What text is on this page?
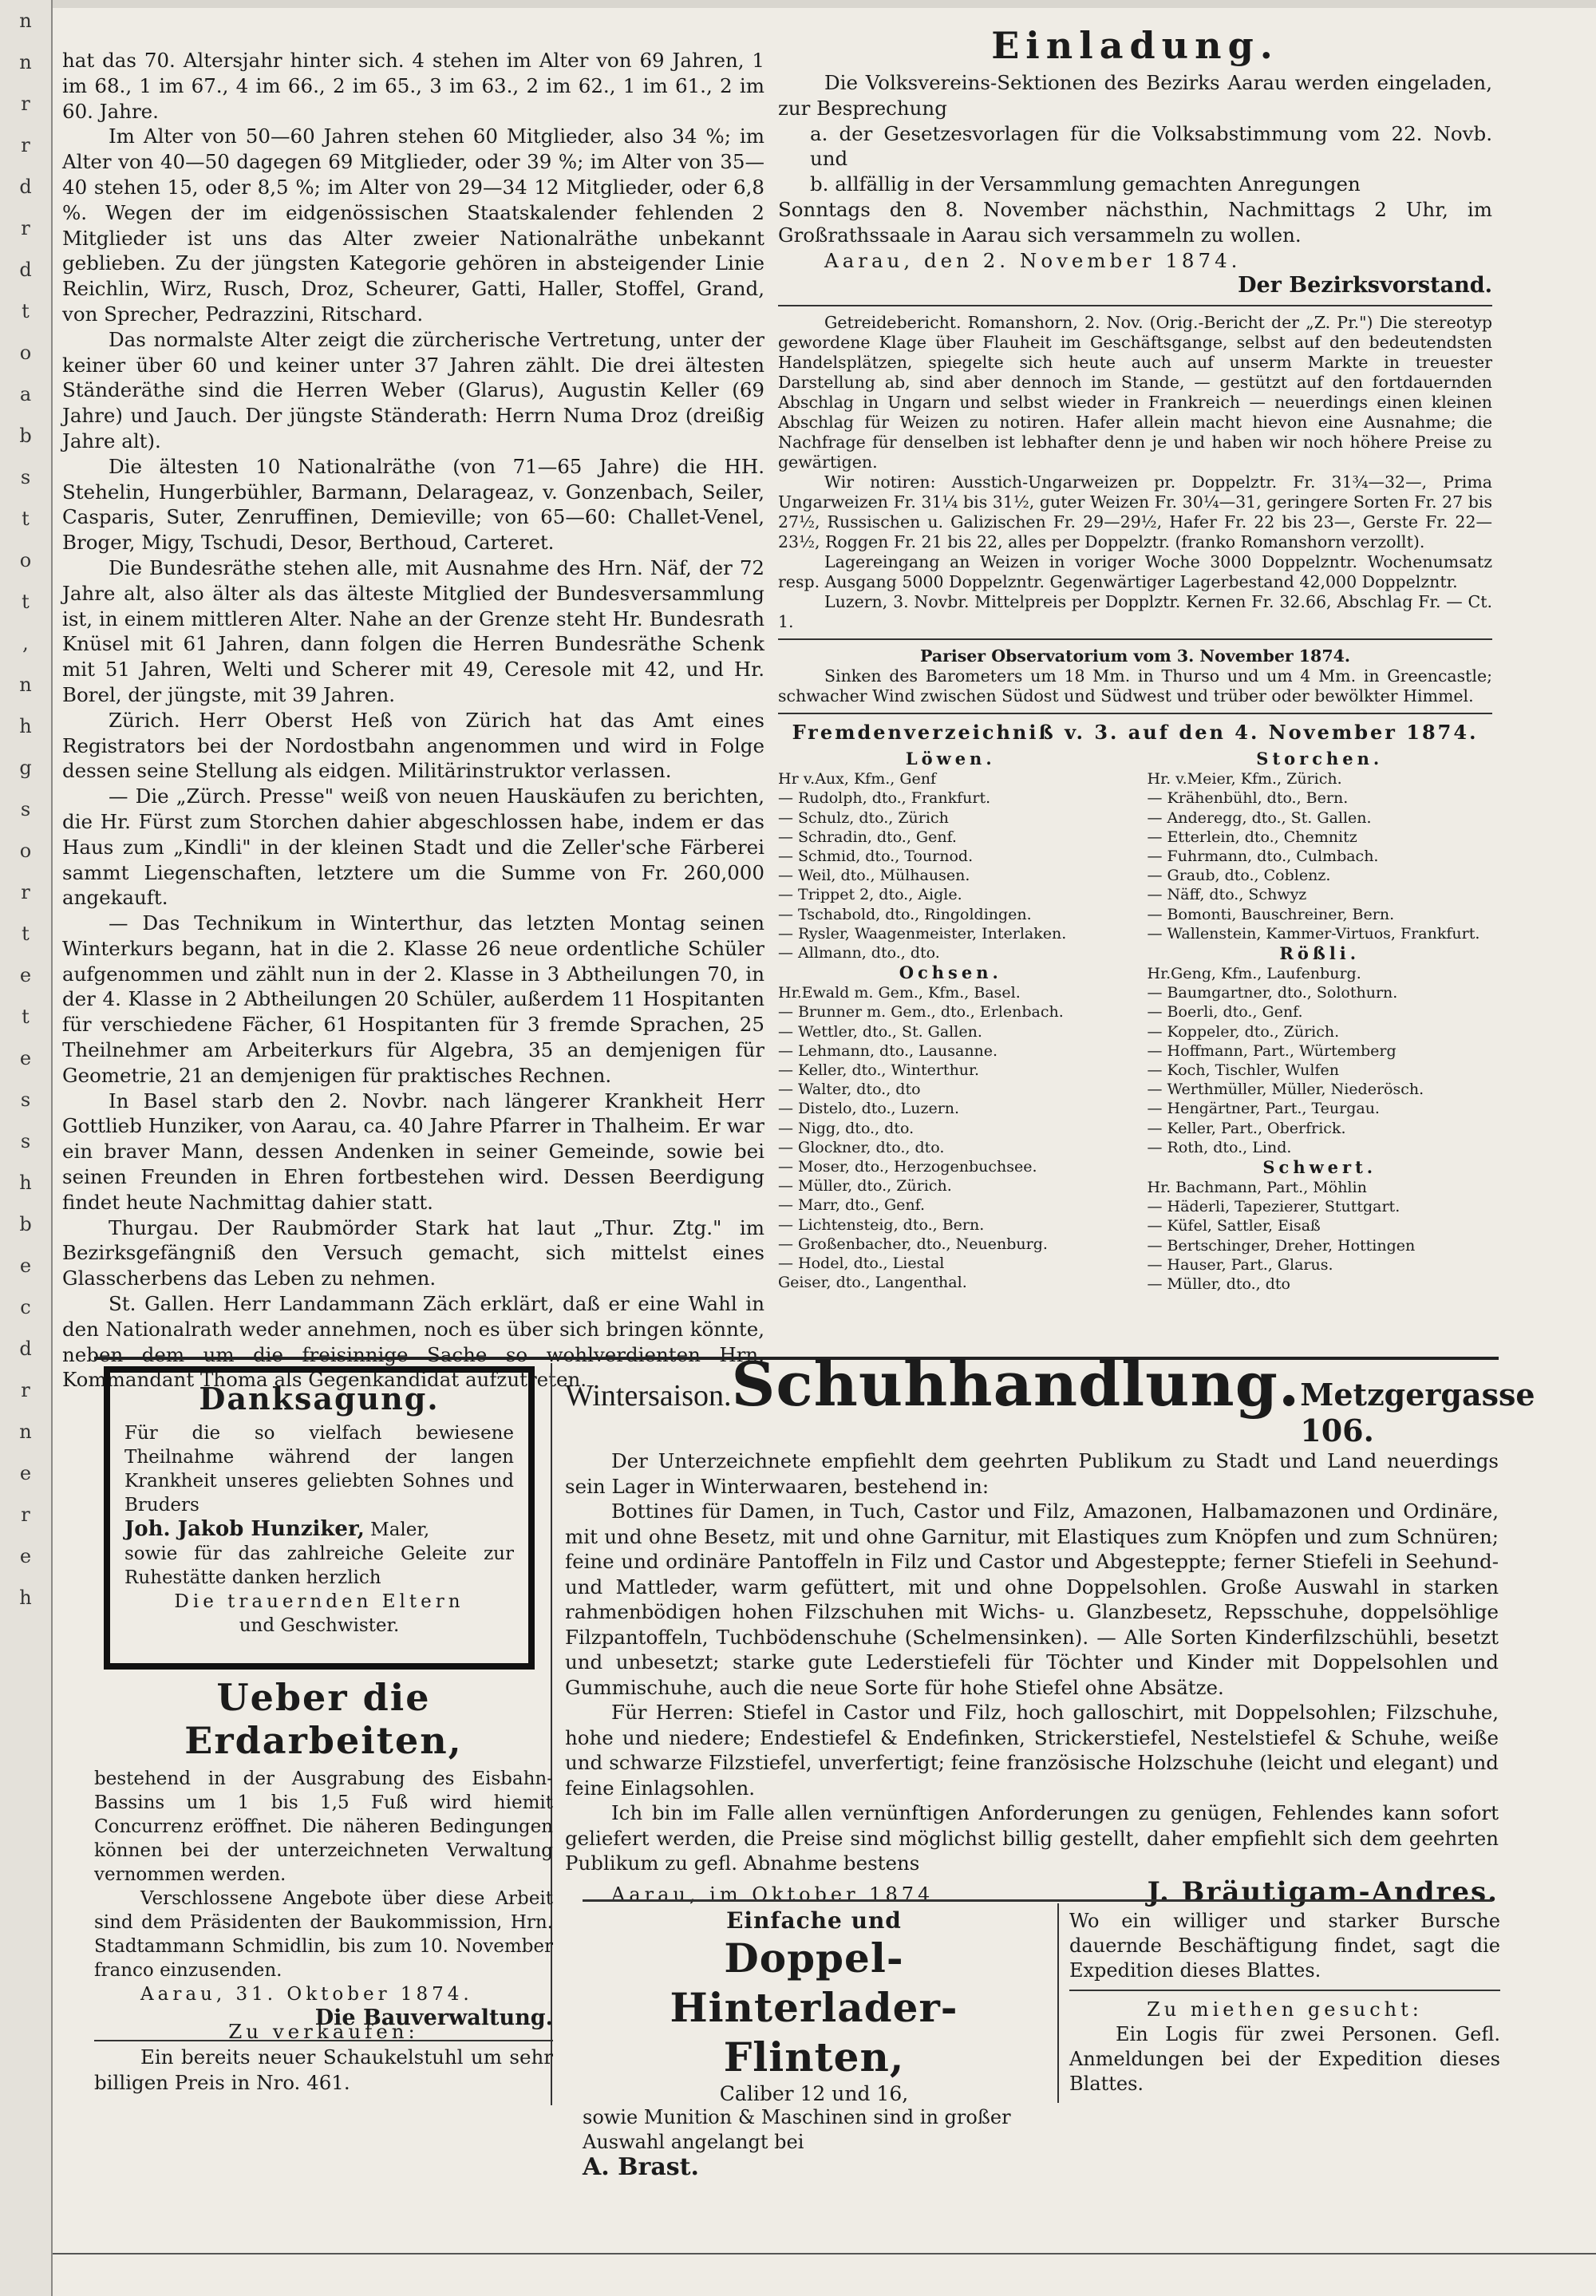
n
n
r
r
d
r
d
t
o
a
b
s
t
o
t
,
n
h
g
s
o
r
t
e
t
e
s
s
h
b
e
c
d
r
n
e
r
e
h

hat das 70. Altersjahr hinter sich. 4 stehen im Alter von 69 Jahren, 1 im 68., 1 im 67., 4 im 66., 2 im 65., 3 im 63., 2 im 62., 1 im 61., 2 im 60. Jahre.

Im Alter von 50—60 Jahren stehen 60 Mitglieder, also 34 %; im Alter von 40—50 dagegen 69 Mitglieder, oder 39 %; im Alter von 35—40 stehen 15, oder 8,5 %; im Alter von 29—34 12 Mitglieder, oder 6,8 %. Wegen der im eidgenössischen Staatskalender fehlenden 2 Mitglieder ist uns das Alter zweier Nationalräthe unbekannt geblieben. Zu der jüngsten Kategorie gehören in absteigender Linie Reichlin, Wirz, Rusch, Droz, Scheurer, Gatti, Haller, Stoffel, Grand, von Sprecher, Pedrazzini, Ritschard.

Das normalste Alter zeigt die zürcherische Vertretung, unter der keiner über 60 und keiner unter 37 Jahren zählt. Die drei ältesten Ständeräthe sind die Herren Weber (Glarus), Augustin Keller (69 Jahre) und Jauch. Der jüngste Ständerath: Herrn Numa Droz (dreißig Jahre alt).

Die ältesten 10 Nationalräthe (von 71—65 Jahre) die HH. Stehelin, Hungerbühler, Barmann, Delarageaz, v. Gonzenbach, Seiler, Casparis, Suter, Zenruffinen, Demieville; von 65—60: Challet-Venel, Broger, Migy, Tschudi, Desor, Berthoud, Carteret.

Die Bundesräthe stehen alle, mit Ausnahme des Hrn. Näf, der 72 Jahre alt, also älter als das älteste Mitglied der Bundesversammlung ist, in einem mittleren Alter. Nahe an der Grenze steht Hr. Bundesrath Knüsel mit 61 Jahren, dann folgen die Herren Bundesräthe Schenk mit 51 Jahren, Welti und Scherer mit 49, Ceresole mit 42, und Hr. Borel, der jüngste, mit 39 Jahren.

Zürich. Herr Oberst Heß von Zürich hat das Amt eines Registrators bei der Nordostbahn angenommen und wird in Folge dessen seine Stellung als eidgen. Militärinstruktor verlassen.

— Die „Zürch. Presse" weiß von neuen Hauskäufen zu berichten, die Hr. Fürst zum Storchen dahier abgeschlossen habe, indem er das Haus zum „Kindli" in der kleinen Stadt und die Zeller'sche Färberei sammt Liegenschaften, letztere um die Summe von Fr. 260,000 angekauft.

— Das Technikum in Winterthur, das letzten Montag seinen Winterkurs begann, hat in die 2. Klasse 26 neue ordentliche Schüler aufgenommen und zählt nun in der 2. Klasse in 3 Abtheilungen 70, in der 4. Klasse in 2 Abtheilungen 20 Schüler, außerdem 11 Hospitanten für verschiedene Fächer, 61 Hospitanten für 3 fremde Sprachen, 25 Theilnehmer am Arbeiterkurs für Algebra, 35 an demjenigen für Geometrie, 21 an demjenigen für praktisches Rechnen.

In Basel starb den 2. Novbr. nach längerer Krankheit Herr Gottlieb Hunziker, von Aarau, ca. 40 Jahre Pfarrer in Thalheim. Er war ein braver Mann, dessen Andenken in seiner Gemeinde, sowie bei seinen Freunden in Ehren fortbestehen wird. Dessen Beerdigung findet heute Nachmittag dahier statt.

Thurgau. Der Raubmörder Stark hat laut „Thur. Ztg." im Bezirksgefängniß den Versuch gemacht, sich mittelst eines Glasscherbens das Leben zu nehmen.

St. Gallen. Herr Landammann Zäch erklärt, daß er eine Wahl in den Nationalrath weder annehmen, noch es über sich bringen könnte, neben dem um die freisinnige Sache so wohlverdienten Hrn. Kommandant Thoma als Gegenkandidat aufzutreten.

Einladung.

Die Volksvereins-Sektionen des Bezirks Aarau werden eingeladen, zur Besprechung

a. der Gesetzesvorlagen für die Volksabstimmung vom 22. Novb. und

b. allfällig in der Versammlung gemachten Anregungen

Sonntags den 8. November nächsthin, Nachmittags 2 Uhr, im Großrathssaale in Aarau sich versammeln zu wollen.

Aarau, den 2. November 1874.

Der Bezirksvorstand.

Getreidebericht. Romanshorn, 2. Nov. (Orig.-Bericht der „Z. Pr.") Die stereotyp gewordene Klage über Flauheit im Geschäftsgange, selbst auf den bedeutendsten Handelsplätzen, spiegelte sich heute auch auf unserm Markte in treuester Darstellung ab, sind aber dennoch im Stande, — gestützt auf den fortdauernden Abschlag in Ungarn und selbst wieder in Frankreich — neuerdings einen kleinen Abschlag für Weizen zu notiren. Hafer allein macht hievon eine Ausnahme; die Nachfrage für denselben ist lebhafter denn je und haben wir noch höhere Preise zu gewärtigen.

Wir notiren: Ausstich-Ungarweizen pr. Doppelztr. Fr. 31¾—32—, Prima Ungarweizen Fr. 31¼ bis 31½, guter Weizen Fr. 30¼—31, geringere Sorten Fr. 27 bis 27½, Russischen u. Galizischen Fr. 29—29½, Hafer Fr. 22 bis 23—, Gerste Fr. 22—23½, Roggen Fr. 21 bis 22, alles per Doppelztr. (franko Romanshorn verzollt).

Lagereingang an Weizen in voriger Woche 3000 Doppelzntr. Wochenumsatz resp. Ausgang 5000 Doppelzntr. Gegenwärtiger Lagerbestand 42,000 Doppelzntr.

Luzern, 3. Novbr. Mittelpreis per Dopplztr. Kernen Fr. 32.66, Abschlag Fr. — Ct. 1.

Pariser Observatorium vom 3. November 1874.

Sinken des Barometers um 18 Mm. in Thurso und um 4 Mm. in Greencastle; schwacher Wind zwischen Südost und Südwest und trüber oder bewölkter Himmel.

Fremdenverzeichniß v. 3. auf den 4. November 1874.
Löwen.
Hr v.Aux, Kfm., Genf
— Rudolph, dto., Frankfurt.
— Schulz, dto., Zürich
— Schradin, dto., Genf.
— Schmid, dto., Tournod.
— Weil, dto., Mülhausen.
— Trippet 2, dto., Aigle.
— Tschabold, dto., Ringoldingen.
— Rysler, Waagenmeister, Interlaken.
— Allmann, dto., dto.
Ochsen.
Hr.Ewald m. Gem., Kfm., Basel.
— Brunner m. Gem., dto., Erlenbach.
— Wettler, dto., St. Gallen.
— Lehmann, dto., Lausanne.
— Keller, dto., Winterthur.
— Walter, dto., dto
— Distelo, dto., Luzern.
— Nigg, dto., dto.
— Glockner, dto., dto.
— Moser, dto., Herzogenbuchsee.
— Müller, dto., Zürich.
— Marr, dto., Genf.
— Lichtensteig, dto., Bern.
— Großenbacher, dto., Neuenburg.
— Hodel, dto., Liestal
Geiser, dto., Langenthal.
Storchen.
Hr. v.Meier, Kfm., Zürich.
— Krähenbühl, dto., Bern.
— Anderegg, dto., St. Gallen.
— Etterlein, dto., Chemnitz
— Fuhrmann, dto., Culmbach.
— Graub, dto., Coblenz.
— Näff, dto., Schwyz
— Bomonti, Bauschreiner, Bern.
— Wallenstein, Kammer-Virtuos, Frankfurt.
Rößli.
Hr.Geng, Kfm., Laufenburg.
— Baumgartner, dto., Solothurn.
— Boerli, dto., Genf.
— Koppeler, dto., Zürich.
— Hoffmann, Part., Würtemberg
— Koch, Tischler, Wulfen
— Werthmüller, Müller, Niederösch.
— Hengärtner, Part., Teurgau.
— Keller, Part., Oberfrick.
— Roth, dto., Lind.
Schwert.
Hr. Bachmann, Part., Möhlin
— Häderli, Tapezierer, Stuttgart.
— Küfel, Sattler, Eisaß
— Bertschinger, Dreher, Hottingen
— Hauser, Part., Glarus.
— Müller, dto., dto
Danksagung.

Für die so vielfach bewiesene Theilnahme während der langen Krankheit unseres geliebten Sohnes und Bruders

Joh. Jakob Hunziker, Maler,

sowie für das zahlreiche Geleite zur Ruhestätte danken herzlich

Die trauernden Eltern

und Geschwister.

Ueber die Erdarbeiten,

bestehend in der Ausgrabung des Eisbahn-Bassins um 1 bis 1,5 Fuß wird hiemit Concurrenz eröffnet. Die näheren Bedingungen können bei der unterzeichneten Verwaltung vernommen werden.

Verschlossene Angebote über diese Arbeit sind dem Präsidenten der Baukommission, Hrn. Stadtammann Schmidlin, bis zum 10. November franco einzusenden.

Aarau, 31. Oktober 1874.

Die Bauverwaltung.

Zu verkaufen:

Ein bereits neuer Schaukelstuhl um sehr billigen Preis in Nro. 461.

Wintersaison. Schuhhandlung. Metzgergasse 106.

Der Unterzeichnete empfiehlt dem geehrten Publikum zu Stadt und Land neuerdings sein Lager in Winterwaaren, bestehend in:

Bottines für Damen, in Tuch, Castor und Filz, Amazonen, Halbamazonen und Ordinäre, mit und ohne Besetz, mit und ohne Garnitur, mit Elastiques zum Knöpfen und zum Schnüren; feine und ordinäre Pantoffeln in Filz und Castor und Abgesteppte; ferner Stiefeli in Seehund- und Mattleder, warm gefüttert, mit und ohne Doppelsohlen. Große Auswahl in starken rahmenbödigen hohen Filzschuhen mit Wichs- u. Glanzbesetz, Repsschuhe, doppelsöhlige Filzpantoffeln, Tuchbödenschuhe (Schelmensinken). — Alle Sorten Kinderfilzschühli, besetzt und unbesetzt; starke gute Lederstiefeli für Töchter und Kinder mit Doppelsohlen und Gummischuhe, auch die neue Sorte für hohe Stiefel ohne Absätze.

Für Herren: Stiefel in Castor und Filz, hoch galloschirt, mit Doppelsohlen; Filzschuhe, hohe und niedere; Endestiefel & Endefinken, Strickerstiefel, Nestelstiefel & Schuhe, weiße und schwarze Filzstiefel, unverfertigt; feine französische Holzschuhe (leicht und elegant) und feine Einlagsohlen.

Ich bin im Falle allen vernünftigen Anforderungen zu genügen, Fehlendes kann sofort geliefert werden, die Preise sind möglichst billig gestellt, daher empfiehlt sich dem geehrten Publikum zu gefl. Abnahme bestens

Aarau, im Oktober 1874	J. Bräutigam-Andres.
Einfache und
Doppel-Hinterlader-Flinten,
Caliber 12 und 16,

sowie Munition & Maschinen sind in großer Auswahl angelangt bei

A. Brast.

Wo ein williger und starker Bursche dauernde Beschäftigung findet, sagt die Expedition dieses Blattes.

Zu miethen gesucht:

Ein Logis für zwei Personen. Gefl. Anmeldungen bei der Expedition dieses Blattes.
